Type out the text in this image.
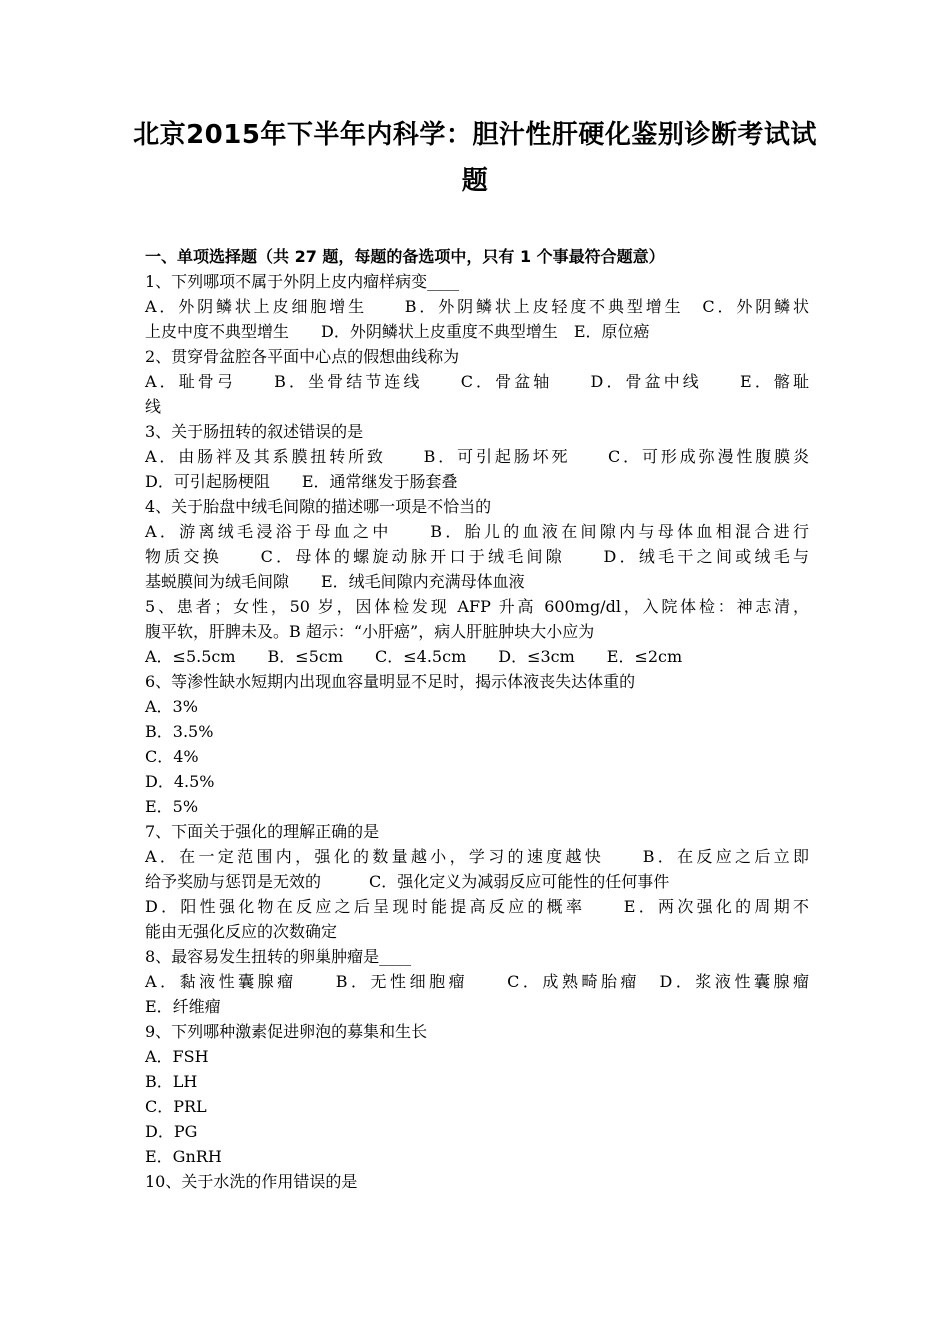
北京2015年下半年内科学：胆汁性肝硬化鉴别诊断考试试
题
一、单项选择题（共 27 题，每题的备选项中，只有 1 个事最符合题意）
1、下列哪项不属于外阴上皮内瘤样病变____
A．外阴鳞状上皮细胞增生　　B．外阴鳞状上皮轻度不典型增生　C．外阴鳞状
上皮中度不典型增生　　D．外阴鳞状上皮重度不典型增生　E．原位癌
2、贯穿骨盆腔各平面中心点的假想曲线称为
A．耻骨弓　　B．坐骨结节连线　　C．骨盆轴　　D．骨盆中线　　E．髂耻
线
3、关于肠扭转的叙述错误的是
A．由肠袢及其系膜扭转所致　　B．可引起肠坏死　　C．可形成弥漫性腹膜炎
D．可引起肠梗阻　　E．通常继发于肠套叠
4、关于胎盘中绒毛间隙的描述哪一项是不恰当的
A．游离绒毛浸浴于母血之中　　B．胎儿的血液在间隙内与母体血相混合进行
物质交换　　C．母体的螺旋动脉开口于绒毛间隙　　D．绒毛干之间或绒毛与
基蜕膜间为绒毛间隙　　E．绒毛间隙内充满母体血液
5、患者；女性，50 岁，因体检发现 AFP 升高 600mg/dl，入院体检：神志清，
腹平软，肝脾未及。B 超示：“小肝癌”，病人肝脏肿块大小应为
A．≤5.5cm　　B．≤5cm　　C．≤4.5cm　　D．≤3cm　　E．≤2cm
6、等渗性缺水短期内出现血容量明显不足时，揭示体液丧失达体重的
A．3%
B．3.5%
C．4%
D．4.5%
E．5%
7、下面关于强化的理解正确的是
A．在一定范围内，强化的数量越小，学习的速度越快　　B．在反应之后立即
给予奖励与惩罚是无效的　　　C．强化定义为减弱反应可能性的任何事件
D．阳性强化物在反应之后呈现时能提高反应的概率　　E．两次强化的周期不
能由无强化反应的次数确定
8、最容易发生扭转的卵巢肿瘤是____
A．黏液性囊腺瘤　　B．无性细胞瘤　　C．成熟畸胎瘤　D．浆液性囊腺瘤
E．纤维瘤
9、下列哪种激素促进卵泡的募集和生长
A．FSH
B．LH
C．PRL
D．PG
E．GnRH
10、关于水洗的作用错误的是
